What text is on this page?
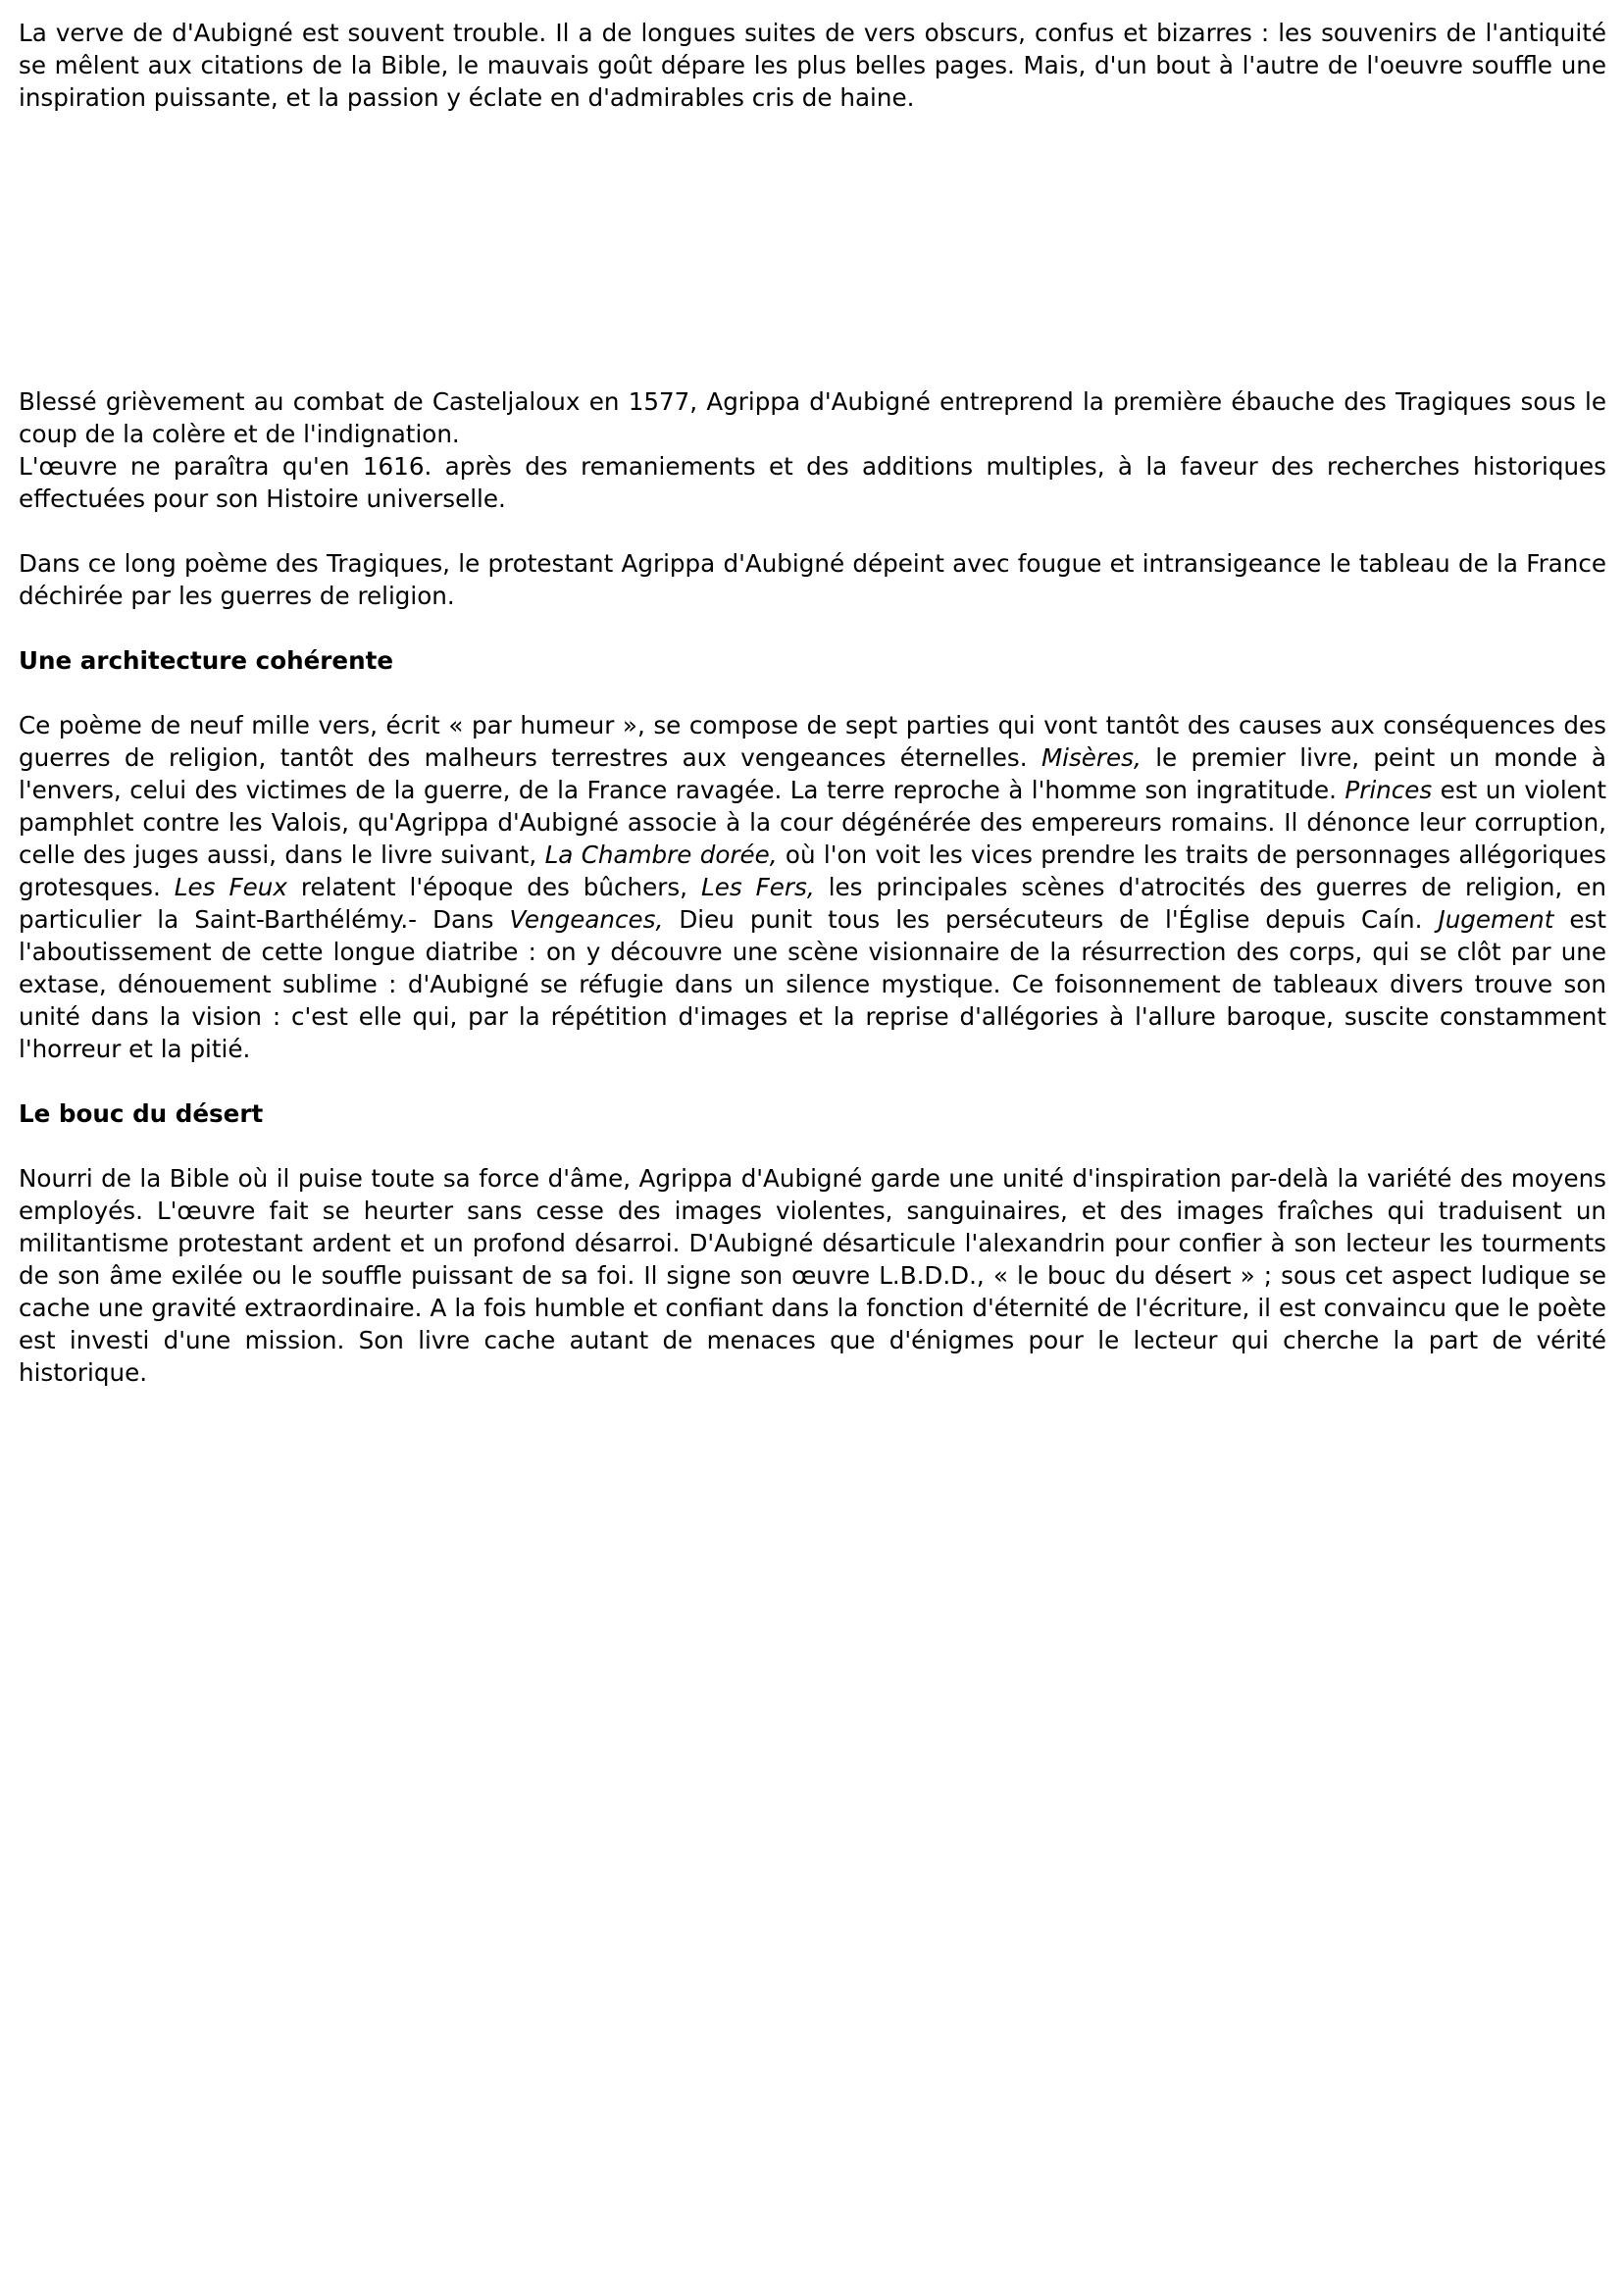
La verve de d'Aubigné est souvent trouble. Il a de longues suites de vers obscurs, confus et bizarres : les souvenirs de l'antiquité se mêlent aux citations de la Bible, le mauvais goût dépare les plus belles pages. Mais, d'un bout à l'autre de l'oeuvre souffle une inspiration puissante, et la passion y éclate en d'admirables cris de haine.

Blessé grièvement au combat de Casteljaloux en 1577, Agrippa d'Aubigné entreprend la première ébauche des Tragiques sous le coup de la colère et de l'indignation.

L'œuvre ne paraîtra qu'en 1616. après des remaniements et des additions multiples, à la faveur des recherches historiques effectuées pour son Histoire universelle.

Dans ce long poème des Tragiques, le protestant Agrippa d'Aubigné dépeint avec fougue et intransigeance le tableau de la France déchirée par les guerres de religion.

Une architecture cohérente

Ce poème de neuf mille vers, écrit « par humeur », se compose de sept parties qui vont tantôt des causes aux conséquences des guerres de religion, tantôt des malheurs terrestres aux vengeances éternelles. Misères, le premier livre, peint un monde à l'envers, celui des victimes de la guerre, de la France ravagée. La terre reproche à l'homme son ingratitude. Princes est un violent pamphlet contre les Valois, qu'Agrippa d'Aubigné associe à la cour dégénérée des empereurs romains. Il dénonce leur corruption, celle des juges aussi, dans le livre suivant, La Chambre dorée, où l'on voit les vices prendre les traits de personnages allégoriques grotesques. Les Feux relatent l'époque des bûchers, Les Fers, les principales scènes d'atrocités des guerres de religion, en particulier la Saint-Barthélémy.- Dans Vengeances, Dieu punit tous les persécuteurs de l'Église depuis Caín. Jugement est l'aboutissement de cette longue diatribe : on y découvre une scène visionnaire de la résurrection des corps, qui se clôt par une extase, dénouement sublime : d'Aubigné se réfugie dans un silence mystique. Ce foisonnement de tableaux divers trouve son unité dans la vision : c'est elle qui, par la répétition d'images et la reprise d'allégories à l'allure baroque, suscite constamment l'horreur et la pitié.

Le bouc du désert

Nourri de la Bible où il puise toute sa force d'âme, Agrippa d'Aubigné garde une unité d'inspiration par-delà la variété des moyens employés. L'œuvre fait se heurter sans cesse des images violentes, sanguinaires, et des images fraîches qui traduisent un militantisme protestant ardent et un profond désarroi. D'Aubigné désarticule l'alexandrin pour confier à son lecteur les tourments de son âme exilée ou le souffle puissant de sa foi. Il signe son œuvre L.B.D.D., « le bouc du désert » ; sous cet aspect ludique se cache une gravité extraordinaire. A la fois humble et confiant dans la fonction d'éternité de l'écriture, il est convaincu que le poète est investi d'une mission. Son livre cache autant de menaces que d'énigmes pour le lecteur qui cherche la part de vérité historique.
